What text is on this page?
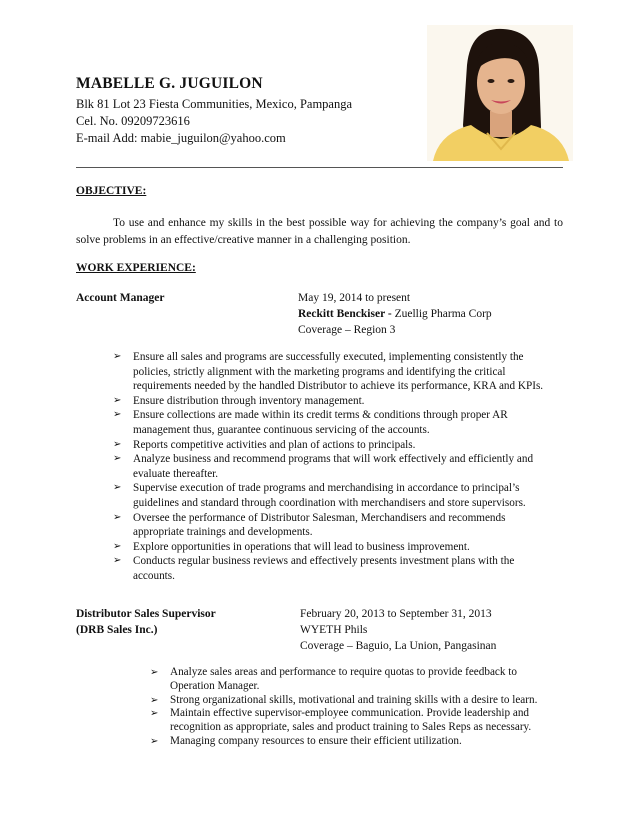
MABELLE G. JUGUILON
Blk 81 Lot 23 Fiesta Communities, Mexico, Pampanga
Cel. No. 09209723616
E-mail Add: mabie_juguilon@yahoo.com
OBJECTIVE:
To use and enhance my skills in the best possible way for achieving the company’s goal and to solve problems in an effective/creative manner in a challenging position.
WORK EXPERIENCE:
Account Manager	May 19, 2014 to present
Reckitt Benckiser - Zuellig Pharma Corp
Coverage – Region 3
➢ Ensure all sales and programs are successfully executed, implementing consistently the policies, strictly alignment with the marketing programs and identifying the critical requirements needed by the handled Distributor to achieve its performance, KRA and KPIs.
➢ Ensure distribution through inventory management.
➢ Ensure collections are made within its credit terms & conditions through proper AR management thus, guarantee continuous servicing of the accounts.
➢ Reports competitive activities and plan of actions to principals.
➢ Analyze business and recommend programs that will work effectively and efficiently and evaluate thereafter.
➢ Supervise execution of trade programs and merchandising in accordance to principal’s guidelines and standard through coordination with merchandisers and store supervisors.
➢ Oversee the performance of Distributor Salesman, Merchandisers and recommends appropriate trainings and developments.
➢ Explore opportunities in operations that will lead to business improvement.
➢ Conducts regular business reviews and effectively presents investment plans with the accounts.
Distributor Sales Supervisor
(DRB Sales Inc.)
February 20, 2013 to September 31, 2013
WYETH Phils
Coverage – Baguio, La Union, Pangasinan
➢ Analyze sales areas and performance to require quotas to provide feedback to Operation Manager.
➢ Strong organizational skills, motivational and training skills with a desire to learn.
➢ Maintain effective supervisor-employee communication. Provide leadership and recognition as appropriate, sales and product training to Sales Reps as necessary.
➢ Managing company resources to ensure their efficient utilization.
